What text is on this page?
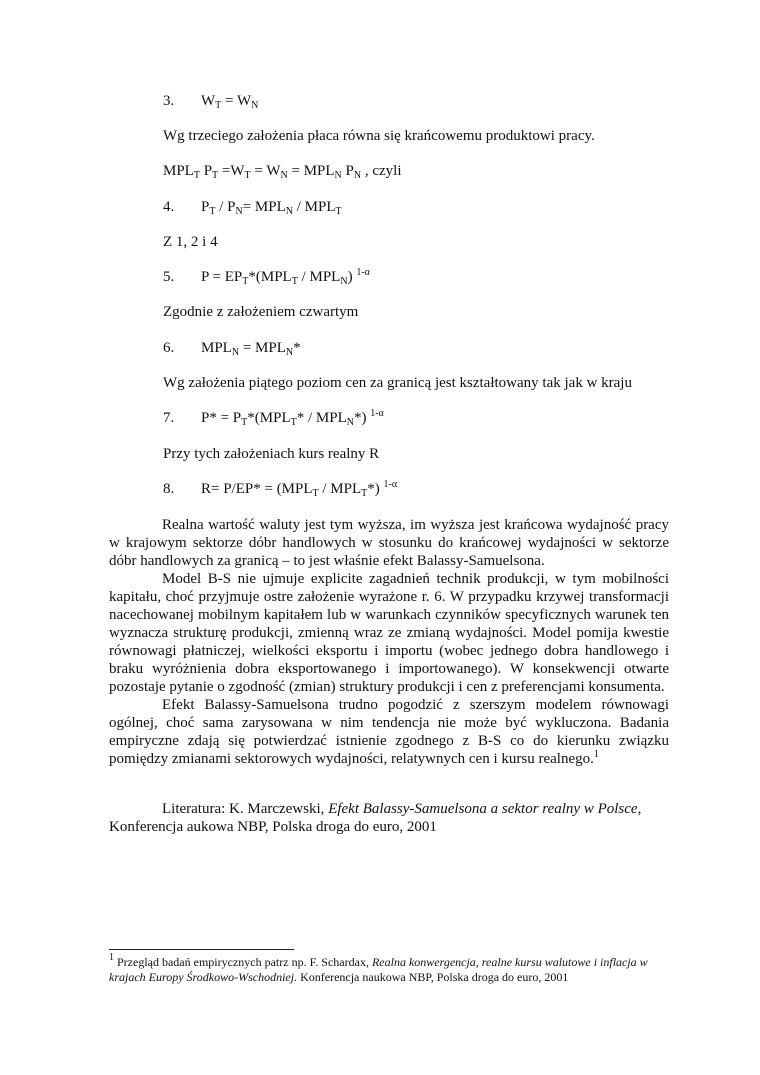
3. $W_T = W_N$
Wg trzeciego założenia płaca równa się krańcowemu produktowi pracy.
$MPL_T$ $P_T =W_T = W_N = MPL_N$ $P_N$ , czyli
4. $P_T / P_N= MPL_N / MPL_T$
Z 1, 2 i 4
5. $P = EP_T*(MPL_T / MPL_N)$ $^{1-\alpha}$
Zgodnie z założeniem czwartym
6. $MPL_N = MPL_N*$
Wg założenia piątego poziom cen za granicą jest kształtowany tak jak w kraju
7. $P* = P_T*(MPL_T* / MPL_N*)$ $^{1-\alpha}$
Przy tych założeniach kurs realny R
8. $R= P/EP* = (MPL_T / MPL_T*)$ $^{1-\alpha}$

Realna wartość waluty jest tym wyższa, im wyższa jest krańcowa wydajność pracy w krajowym sektorze dóbr handlowych w stosunku do krańcowej wydajności w sektorze dóbr handlowych za granicą – to jest właśnie efekt Balassy-Samuelsona.

Model B-S nie ujmuje explicite zagadnień technik produkcji, w tym mobilności kapitału, choć przyjmuje ostre założenie wyrażone r. 6. W przypadku krzywej transformacji nacechowanej mobilnym kapitałem lub w warunkach czynników specyficznych warunek ten wyznacza strukturę produkcji, zmienną wraz ze zmianą wydajności. Model pomija kwestie równowagi płatniczej, wielkości eksportu i importu (wobec jednego dobra handlowego i braku wyróżnienia dobra eksportowanego i importowanego). W konsekwencji otwarte pozostaje pytanie o zgodność (zmian) struktury produkcji i cen z preferencjami konsumenta.

Efekt Balassy-Samuelsona trudno pogodzić z szerszym modelem równowagi ogólnej, choć sama zarysowana w nim tendencja nie może być wykluczona. Badania empiryczne zdają się potwierdzać istnienie zgodnego z B-S co do kierunku związku pomiędzy zmianami sektorowych wydajności, relatywnych cen i kursu realnego.$^1$

Literatura: K. Marczewski, Efekt Balassy-Samuelsona a sektor realny w Polsce, Konferencja aukowa NBP, Polska droga do euro, 2001

$^1$ Przegląd badań empirycznych patrz np. F. Schardax, Realna konwergencja, realne kursu walutowe i inflacja w krajach Europy Środkowo-Wschodniej. Konferencja naukowa NBP, Polska droga do euro, 2001
